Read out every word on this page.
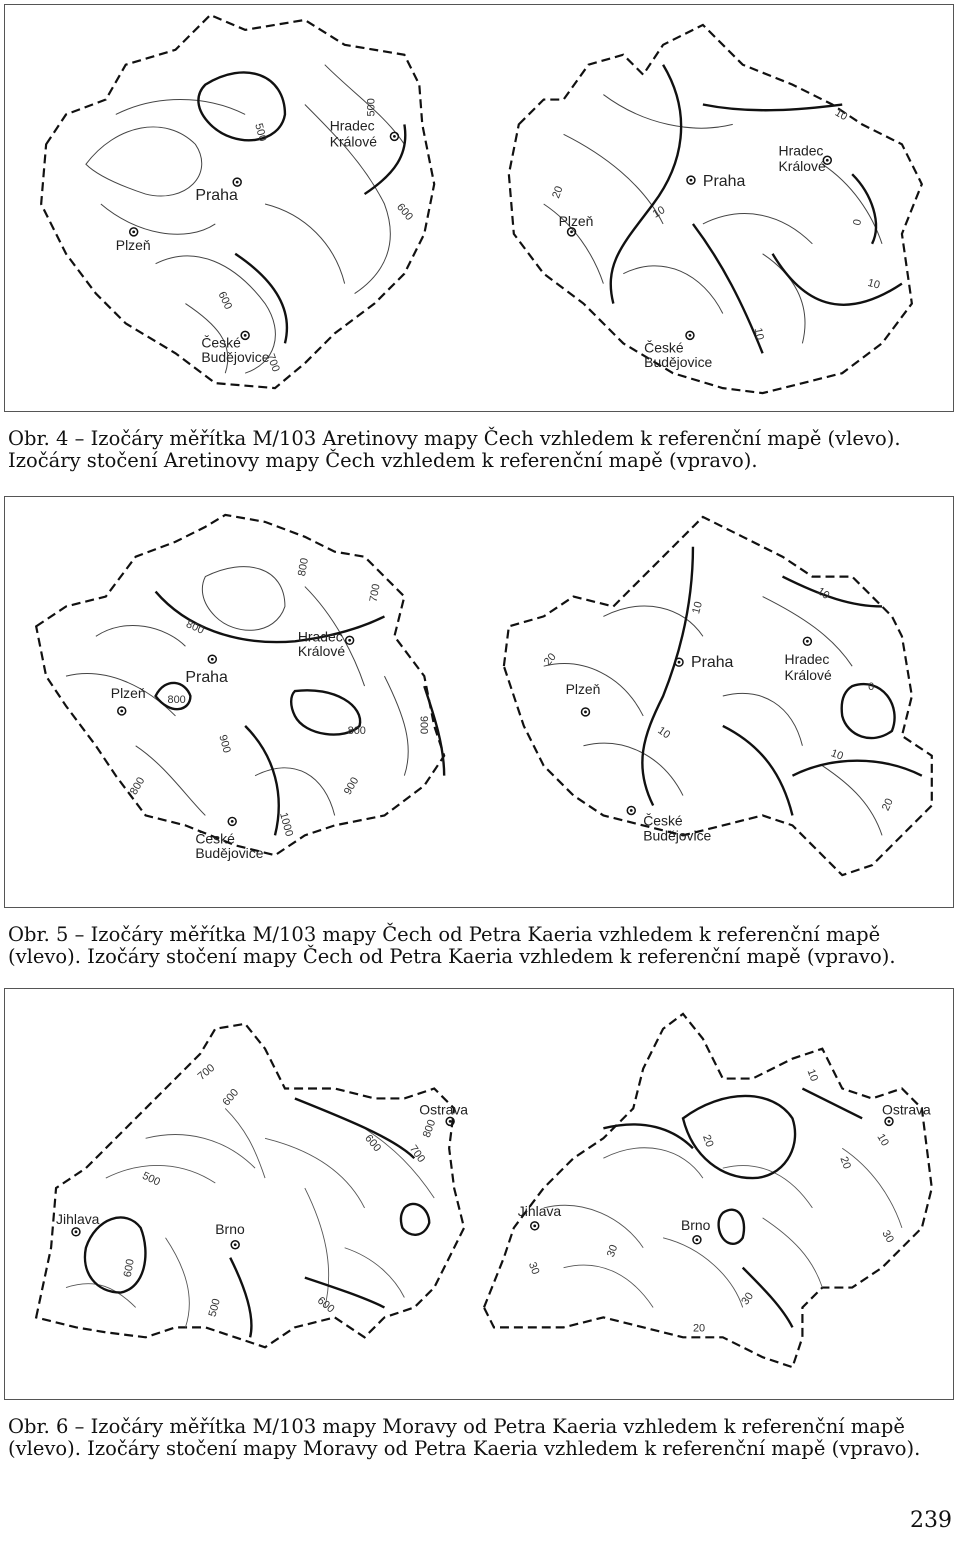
Praha
Plzeň
Hradec
Králové
České
Budějovice
500
500
600
600
700
Praha
Plzeň
Hradec
Králové
České
Budějovice
10
20
10
0
10
10

Obr. 4 – Izočáry měřítka M/103 Aretinovy mapy Čech vzhledem k referenční mapě (vlevo).

Izočáry stočení Aretinovy mapy Čech vzhledem k referenční mapě (vpravo).

Praha
Plzeň
Hradec
Králové
České
Budějovice
800
800
700
800
800	900
800
900
900
1000
Praha
Plzeň
Hradec
Králové
České
Budějovice
10
10
20
10
0
10
20

Obr. 5 – Izočáry měřítka M/103 mapy Čech od Petra Kaeria vzhledem k referenční mapě

(vlevo). Izočáry stočení mapy Čech od Petra Kaeria vzhledem k referenční mapě (vpravo).

Ostrava
Jihlava
Brno
700
600
600 700
800
500
600
500	600
Ostrava
Jihlava
Brno
10
20	10
20
30
30
30
30
20

Obr. 6 – Izočáry měřítka M/103 mapy Moravy od Petra Kaeria vzhledem k referenční mapě

(vlevo). Izočáry stočení mapy Moravy od Petra Kaeria vzhledem k referenční mapě (vpravo).

239
